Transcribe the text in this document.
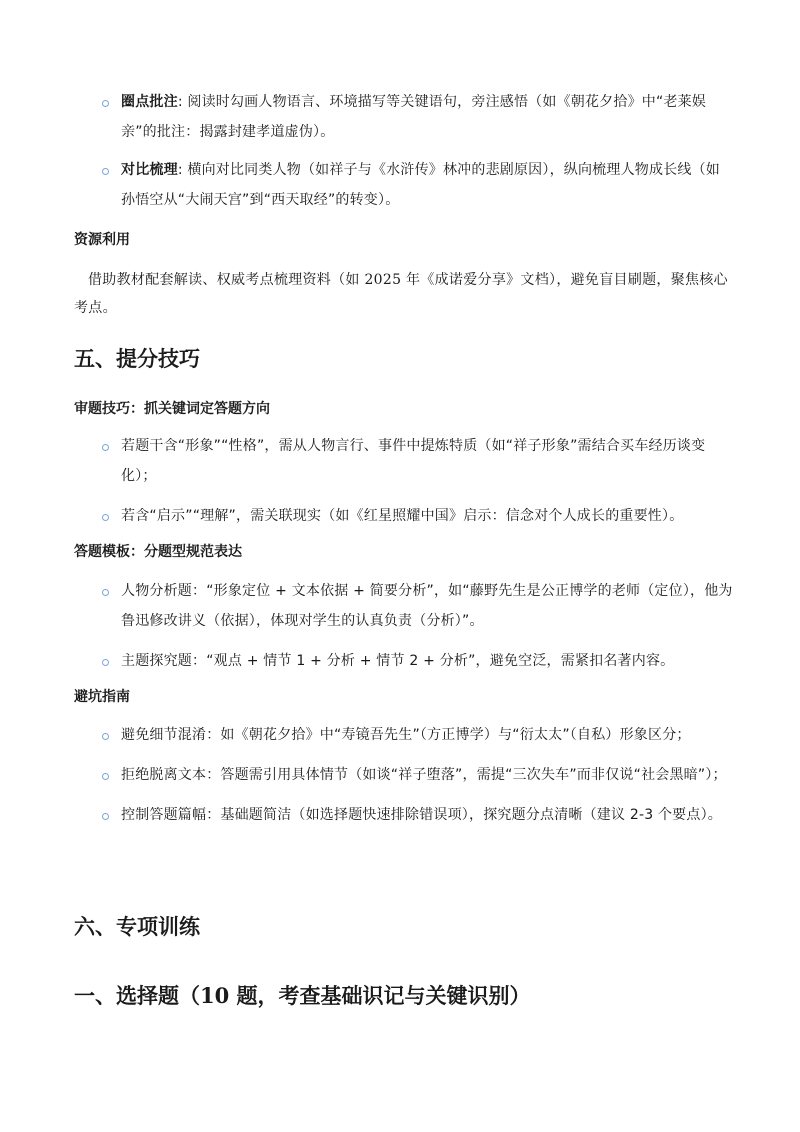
圈点批注: 阅读时勾画人物语言、环境描写等关键语句，旁注感悟（如《朝花夕拾》中“老莱娱亲”的批注：揭露封建孝道虚伪）。
对比梳理: 横向对比同类人物（如祥子与《水浒传》林冲的悲剧原因），纵向梳理人物成长线（如孙悟空从“大闹天宫”到“西天取经”的转变）。
资源利用
借助教材配套解读、权威考点梳理资料（如 2025 年《成诺爱分享》文档），避免盲目刷题，聚焦核心考点。
五、提分技巧
审题技巧：抓关键词定答题方向
若题干含“形象”“性格”，需从人物言行、事件中提炼特质（如“祥子形象”需结合买车经历谈变化）；
若含“启示”“理解”，需关联现实（如《红星照耀中国》启示：信念对个人成长的重要性）。
答题模板：分题型规范表达
人物分析题：“形象定位 + 文本依据 + 简要分析”，如“藤野先生是公正博学的老师（定位），他为鲁迅修改讲义（依据），体现对学生的认真负责（分析）”。
主题探究题：“观点 + 情节 1 + 分析 + 情节 2 + 分析”，避免空泛，需紧扣名著内容。
避坑指南
避免细节混淆：如《朝花夕拾》中“寿镜吾先生”（方正博学）与“衍太太”（自私）形象区分；
拒绝脱离文本：答题需引用具体情节（如谈“祥子堕落”，需提“三次失车”而非仅说“社会黑暗”）；
控制答题篇幅：基础题简洁（如选择题快速排除错误项），探究题分点清晰（建议 2-3 个要点）。
六、专项训练
一、选择题（10 题，考查基础识记与关键识别）
